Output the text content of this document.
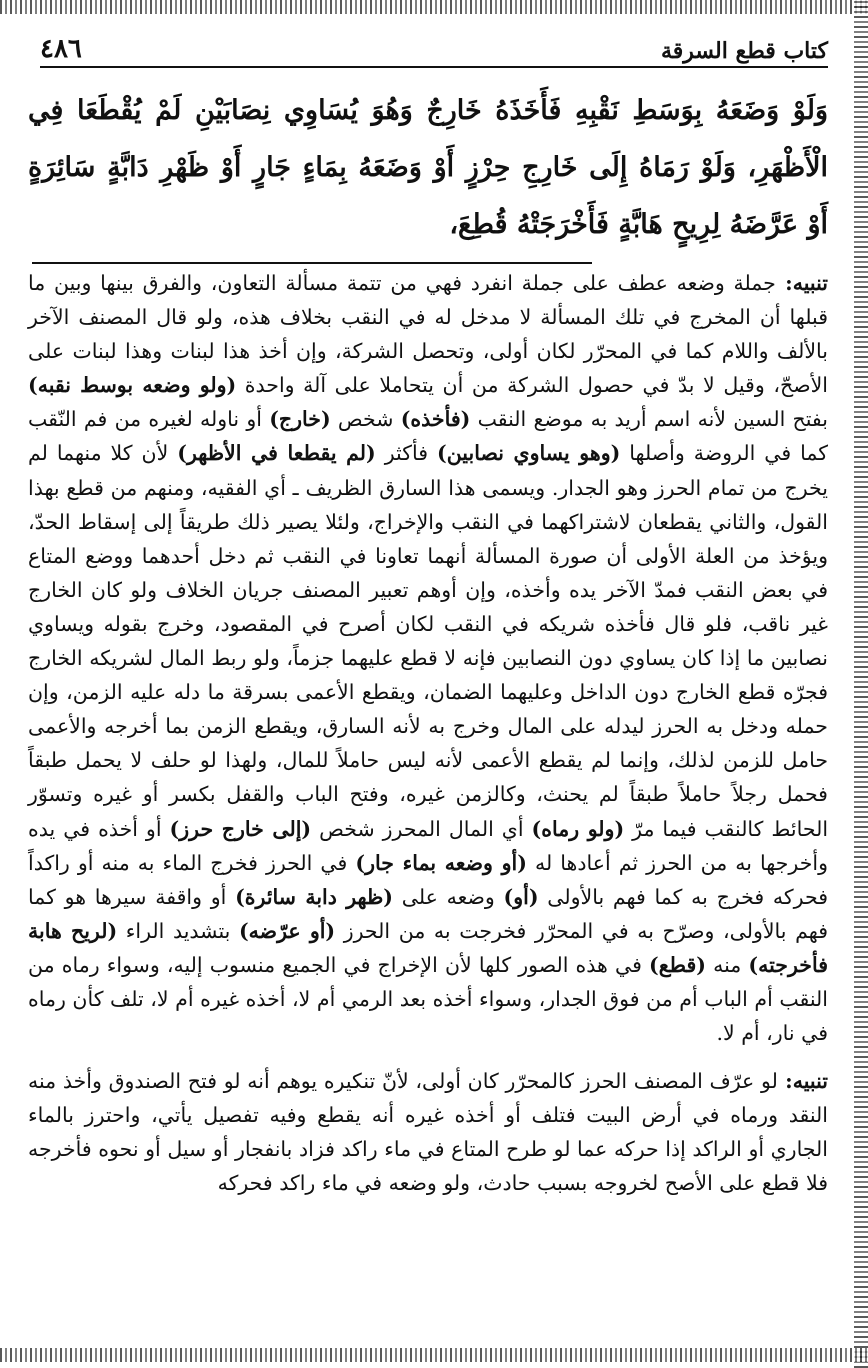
٤٨٦	كتاب قطع السرقة
وَلَوْ وَضَعَهُ بِوَسَطِ نَقْبِهِ فَأَخَذَهُ خَارِجٌ وَهُوَ يُسَاوِي نِصَابَيْنِ لَمْ يُقْطَعَا فِي الْأَظْهَرِ، وَلَوْ رَمَاهُ إِلَى خَارِجِ حِرْزٍ أَوْ وَضَعَهُ بِمَاءٍ جَارٍ أَوْ ظَهْرِ دَابَّةٍ سَائِرَةٍ أَوْ عَرَّضَهُ لِرِيحٍ هَابَّةٍ فَأَخْرَجَتْهُ قُطِعَ،

تنبيه: جملة وضعه عطف على جملة انفرد فهي من تتمة مسألة التعاون، والفرق بينها وبين ما قبلها أن المخرج في تلك المسألة لا مدخل له في النقب بخلاف هذه، ولو قال المصنف الآخر بالألف واللام كما في المحرّر لكان أولى، وتحصل الشركة، وإن أخذ هذا لبنات وهذا لبنات على الأصحّ، وقيل لا بدّ في حصول الشركة من أن يتحاملا على آلة واحدة (ولو وضعه بوسط نقبه) بفتح السين لأنه اسم أريد به موضع النقب (فأخذه) شخص (خارج) أو ناوله لغيره من فم النّقب كما في الروضة وأصلها (وهو يساوي نصابين) فأكثر (لم يقطعا في الأظهر) لأن كلا منهما لم يخرج من تمام الحرز وهو الجدار. ويسمى هذا السارق الظريف ـ أي الفقيه، ومنهم من قطع بهذا القول، والثاني يقطعان لاشتراكهما في النقب والإخراج، ولئلا يصير ذلك طريقاً إلى إسقاط الحدّ، ويؤخذ من العلة الأولى أن صورة المسألة أنهما تعاونا في النقب ثم دخل أحدهما ووضع المتاع في بعض النقب فمدّ الآخر يده وأخذه، وإن أوهم تعبير المصنف جريان الخلاف ولو كان الخارج غير ناقب، فلو قال فأخذه شريكه في النقب لكان أصرح في المقصود، وخرج بقوله ويساوي نصابين ما إذا كان يساوي دون النصابين فإنه لا قطع عليهما جزماً، ولو ربط المال لشريكه الخارج فجرّه قطع الخارج دون الداخل وعليهما الضمان، ويقطع الأعمى بسرقة ما دله عليه الزمن، وإن حمله ودخل به الحرز ليدله على المال وخرج به لأنه السارق، ويقطع الزمن بما أخرجه والأعمى حامل للزمن لذلك، وإنما لم يقطع الأعمى لأنه ليس حاملاً للمال، ولهذا لو حلف لا يحمل طبقاً فحمل رجلاً حاملاً طبقاً لم يحنث، وكالزمن غيره، وفتح الباب والقفل بكسر أو غيره وتسوّر الحائط كالنقب فيما مرّ (ولو رماه) أي المال المحرز شخص (إلى خارج حرز) أو أخذه في يده وأخرجها به من الحرز ثم أعادها له (أو وضعه بماء جار) في الحرز فخرج الماء به منه أو راكداً فحركه فخرج به كما فهم بالأولى (أو) وضعه على (ظهر دابة سائرة) أو واقفة سيرها هو كما فهم بالأولى، وصرّح به في المحرّر فخرجت به من الحرز (أو عرّضه) بتشديد الراء (لريح هابة فأخرجته) منه (قطع) في هذه الصور كلها لأن الإخراج في الجميع منسوب إليه، وسواء رماه من النقب أم الباب أم من فوق الجدار، وسواء أخذه بعد الرمي أم لا، أخذه غيره أم لا، تلف كأن رماه في نار، أم لا.

تنبيه: لو عرّف المصنف الحرز كالمحرّر كان أولى، لأنّ تنكيره يوهم أنه لو فتح الصندوق وأخذ منه النقد ورماه في أرض البيت فتلف أو أخذه غيره أنه يقطع وفيه تفصيل يأتي، واحترز بالماء الجاري أو الراكد إذا حركه عما لو طرح المتاع في ماء راكد فزاد بانفجار أو سيل أو نحوه فأخرجه فلا قطع على الأصح لخروجه بسبب حادث، ولو وضعه في ماء راكد فحركه
